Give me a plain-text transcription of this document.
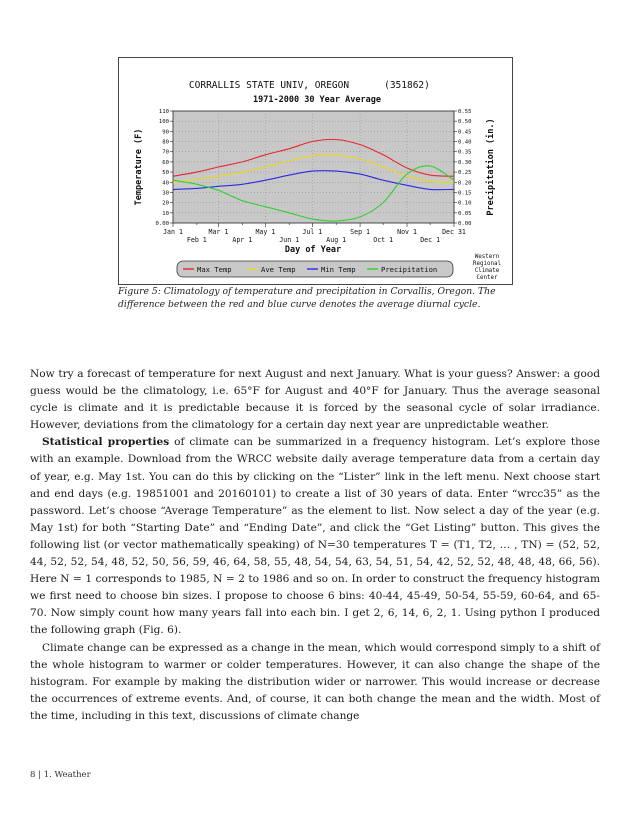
CORRALLIS STATE UNIV, OREGON	(351862)
1971-2000 30 Year Average
110
100
90
80
70
60
50
40
30
20
10
0.00
0.55
0.50
0.45
0.40
0.35
0.30
0.25
0.20
0.15
0.10
0.05
0.00
Jan 1	Mar 1	May 1	Jul 1	Sep 1	Nov 1	Dec 31
Feb 1	Apr 1	Jun 1	Aug 1	Oct 1	Dec 1
Temperature (F)	Precipitation (in.)
Day of Year
Max Temp	Ave Temp	Min Temp	Precipitation
Western
Regional
Climate
Center
Figure 5: Climatology of temperature and precipitation in Corvallis, Oregon. The difference between the red and blue curve denotes the average diurnal cycle.

Now try a forecast of temperature for next August and next January. What is your guess? Answer: a good guess would be the climatology, i.e. 65°F for August and 40°F for January. Thus the average seasonal cycle is climate and it is predictable because it is forced by the seasonal cycle of solar irradiance. However, deviations from the climatology for a certain day next year are unpredictable weather.

Statistical properties of climate can be summarized in a frequency histogram. Let’s explore those with an example. Download from the WRCC website daily average temperature data from a certain day of year, e.g. May 1st. You can do this by clicking on the “Lister” link in the left menu. Next choose start and end days (e.g. 19851001 and 20160101) to create a list of 30 years of data. Enter “wrcc35” as the password. Let’s choose “Average Temperature” as the element to list. Now select a day of the year (e.g. May 1st) for both “Starting Date” and “Ending Date”, and click the “Get Listing” button. This gives the following list (or vector mathematically speaking) of N=30 temperatures T = (T1, T2, … , TN) = (52, 52, 44, 52, 52, 54, 48, 52, 50, 56, 59, 46, 64, 58, 55, 48, 54, 54, 63, 54, 51, 54, 42, 52, 52, 48, 48, 48, 66, 56). Here N = 1 corresponds to 1985, N = 2 to 1986 and so on. In order to construct the frequency histogram we first need to choose bin sizes. I propose to choose 6 bins: 40-44, 45-49, 50-54, 55-59, 60-64, and 65-70. Now simply count how many years fall into each bin. I get 2, 6, 14, 6, 2, 1. Using python I produced the following graph (Fig. 6).

Climate change can be expressed as a change in the mean, which would correspond simply to a shift of the whole histogram to warmer or colder temperatures. However, it can also change the shape of the histogram. For example by making the distribution wider or narrower. This would increase or decrease the occurrences of extreme events. And, of course, it can both change the mean and the width. Most of the time, including in this text, discussions of climate change

8 | 1. Weather
